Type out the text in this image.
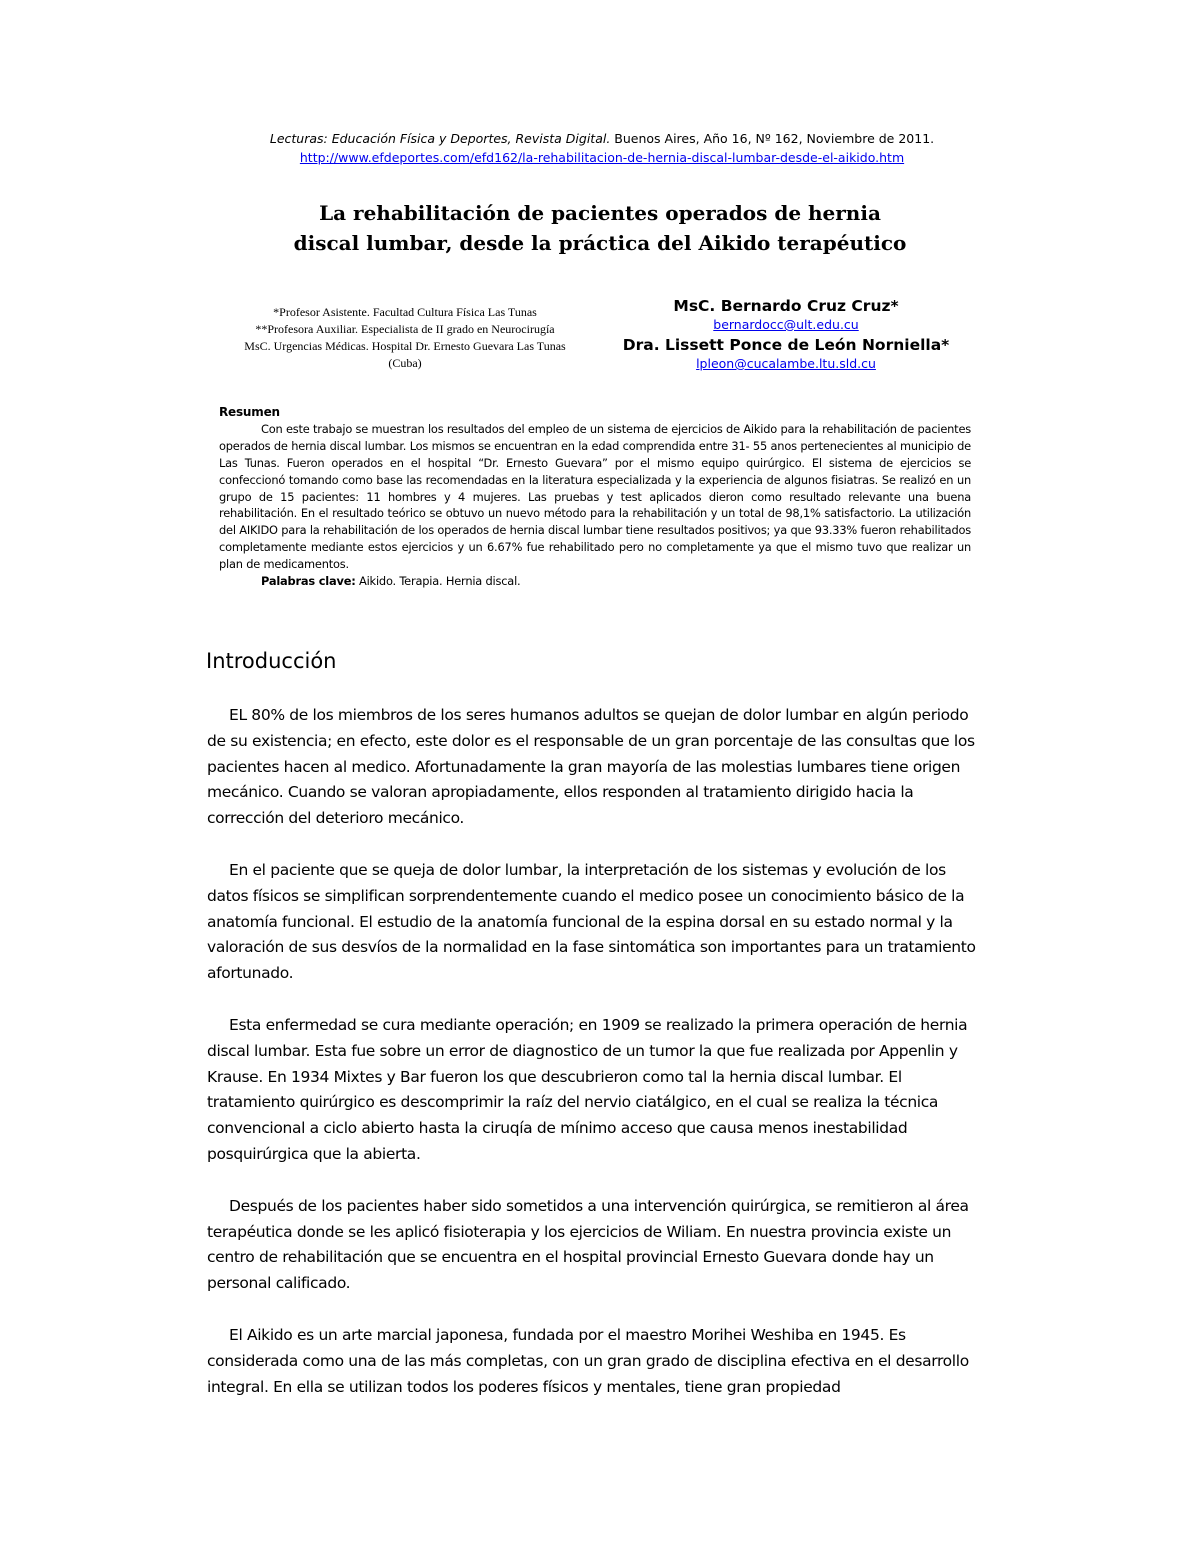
Lecturas: Educación Física y Deportes, Revista Digital. Buenos Aires, Año 16, Nº 162, Noviembre de 2011. http://www.efdeportes.com/efd162/la-rehabilitacion-de-hernia-discal-lumbar-desde-el-aikido.htm
La rehabilitación de pacientes operados de hernia
discal lumbar, desde la práctica del Aikido terapéutico
*Profesor Asistente. Facultad Cultura Física Las Tunas
**Profesora Auxiliar. Especialista de II grado en Neurocirugía
MsC. Urgencias Médicas. Hospital Dr. Ernesto Guevara Las Tunas
(Cuba)
MsC. Bernardo Cruz Cruz*
bernardocc@ult.edu.cu
Dra. Lissett Ponce de León Norniella*
lpleon@cucalambe.ltu.sld.cu
Resumen

Con este trabajo se muestran los resultados del empleo de un sistema de ejercicios de Aikido para la rehabilitación de pacientes operados de hernia discal lumbar. Los mismos se encuentran en la edad comprendida entre 31- 55 anos pertenecientes al municipio de Las Tunas. Fueron operados en el hospital “Dr. Ernesto Guevara” por el mismo equipo quirúrgico. El sistema de ejercicios se confeccionó tomando como base las recomendadas en la literatura especializada y la experiencia de algunos fisiatras. Se realizó en un grupo de 15 pacientes: 11 hombres y 4 mujeres. Las pruebas y test aplicados dieron como resultado relevante una buena rehabilitación. En el resultado teórico se obtuvo un nuevo método para la rehabilitación y un total de 98,1% satisfactorio. La utilización del AIKIDO para la rehabilitación de los operados de hernia discal lumbar tiene resultados positivos; ya que 93.33% fueron rehabilitados completamente mediante estos ejercicios y un 6.67% fue rehabilitado pero no completamente ya que el mismo tuvo que realizar un plan de medicamentos.

Palabras clave: Aikido. Terapia. Hernia discal.
Introducción

EL 80% de los miembros de los seres humanos adultos se quejan de dolor lumbar en algún periodo de su existencia; en efecto, este dolor es el responsable de un gran porcentaje de las consultas que los pacientes hacen al medico. Afortunadamente la gran mayoría de las molestias lumbares tiene origen mecánico. Cuando se valoran apropiadamente, ellos responden al tratamiento dirigido hacia la corrección del deterioro mecánico.

En el paciente que se queja de dolor lumbar, la interpretación de los sistemas y evolución de los datos físicos se simplifican sorprendentemente cuando el medico posee un conocimiento básico de la anatomía funcional. El estudio de la anatomía funcional de la espina dorsal en su estado normal y la valoración de sus desvíos de la normalidad en la fase sintomática son importantes para un tratamiento afortunado.

Esta enfermedad se cura mediante operación; en 1909 se realizado la primera operación de hernia discal lumbar. Esta fue sobre un error de diagnostico de un tumor la que fue realizada por Appenlin y Krause. En 1934 Mixtes y Bar fueron los que descubrieron como tal la hernia discal lumbar. El tratamiento quirúrgico es descomprimir la raíz del nervio ciatálgico, en el cual se realiza la técnica convencional a ciclo abierto hasta la ciruqía de mínimo acceso que causa menos inestabilidad posquirúrgica que la abierta.

Después de los pacientes haber sido sometidos a una intervención quirúrgica, se remitieron al área terapéutica donde se les aplicó fisioterapia y los ejercicios de Wiliam. En nuestra provincia existe un centro de rehabilitación que se encuentra en el hospital provincial Ernesto Guevara donde hay un personal calificado.

El Aikido es un arte marcial japonesa, fundada por el maestro Morihei Weshiba en 1945. Es considerada como una de las más completas, con un gran grado de disciplina efectiva en el desarrollo integral. En ella se utilizan todos los poderes físicos y mentales, tiene gran propiedad
